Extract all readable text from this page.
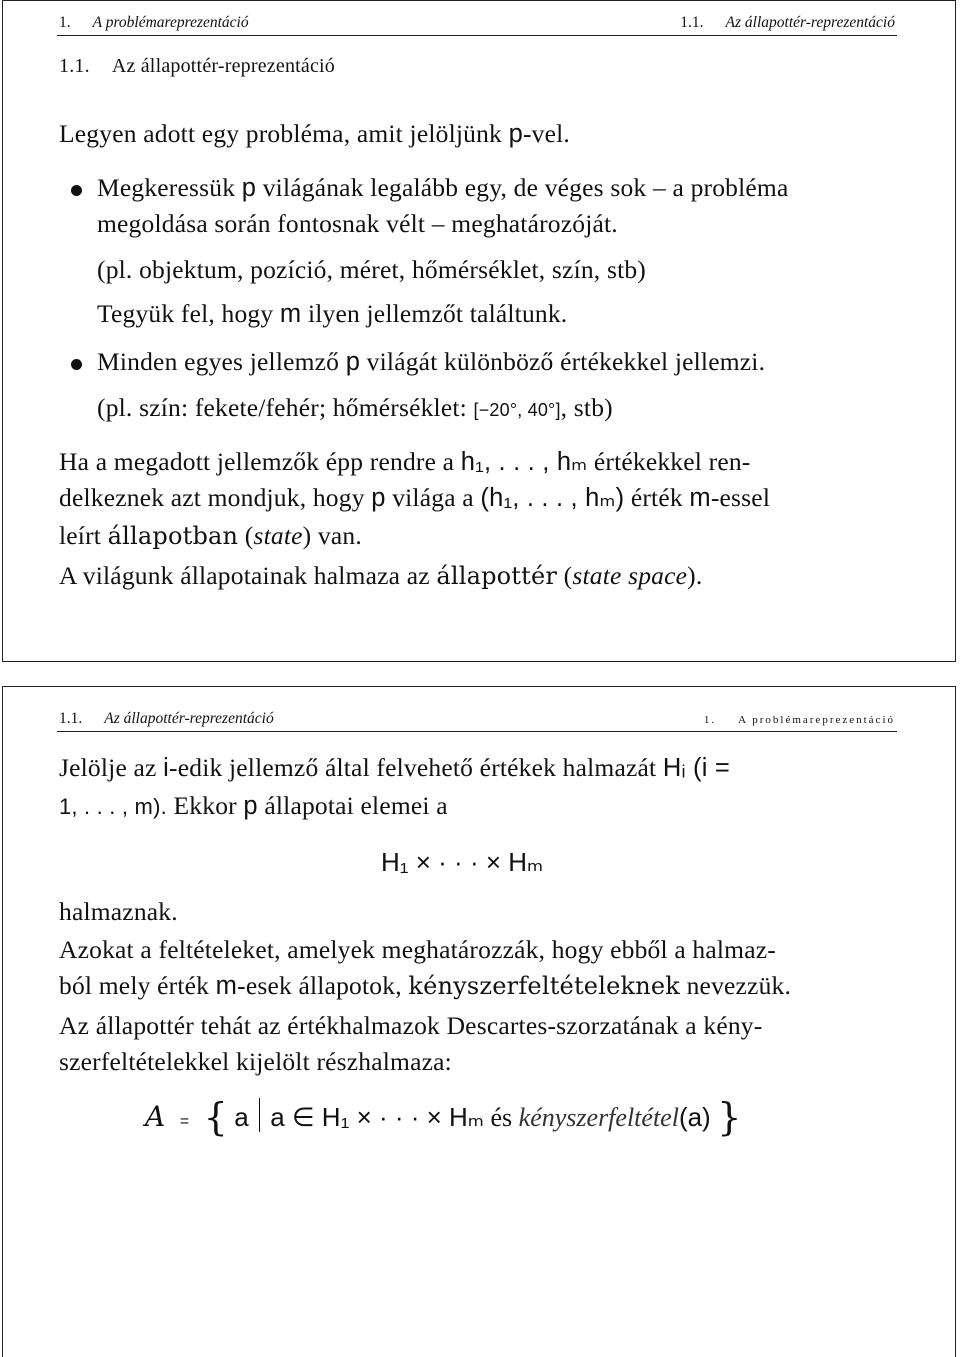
1. A problémareprezentáció	1.1. Az állapottér-reprezentáció
1.1. Az állapottér-reprezentáció
Legyen adott egy probléma, amit jelöljünk p-vel.
Megkeressük p világának legalább egy, de véges sok – a probléma
megoldása során fontosnak vélt – meghatározóját.
(pl. objektum, pozíció, méret, hőmérséklet, szín, stb)
Tegyük fel, hogy m ilyen jellemzőt találtunk.
Minden egyes jellemző p világát különböző értékekkel jellemzi.
(pl. szín: fekete/fehér; hőmérséklet: [−20°, 40°], stb)
Ha a megadott jellemzők épp rendre a h₁, . . . , hₘ értékekkel ren-
delkeznek azt mondjuk, hogy p világa a (h₁, . . . , hₘ) érték m-essel
leírt állapotban (state) van.
A világunk állapotainak halmaza az állapottér (state space).
1.1. Az állapottér-reprezentáció	1. A problémareprezentáció
Jelölje az i-edik jellemző által felvehető értékek halmazát Hᵢ (i =
1, . . . , m). Ekkor p állapotai elemei a
H₁ × · · · × Hₘ
halmaznak.
Azokat a feltételeket, amelyek meghatározzák, hogy ebből a halmaz-
ból mely érték m-esek állapotok, kényszerfeltételeknek nevezzük.
Az állapottér tehát az értékhalmazok Descartes-szorzatának a kény-
szerfeltételekkel kijelölt részhalmaza:
A = { a a ∈ H₁ × · · · × Hₘ és kényszerfeltétel(a) }
